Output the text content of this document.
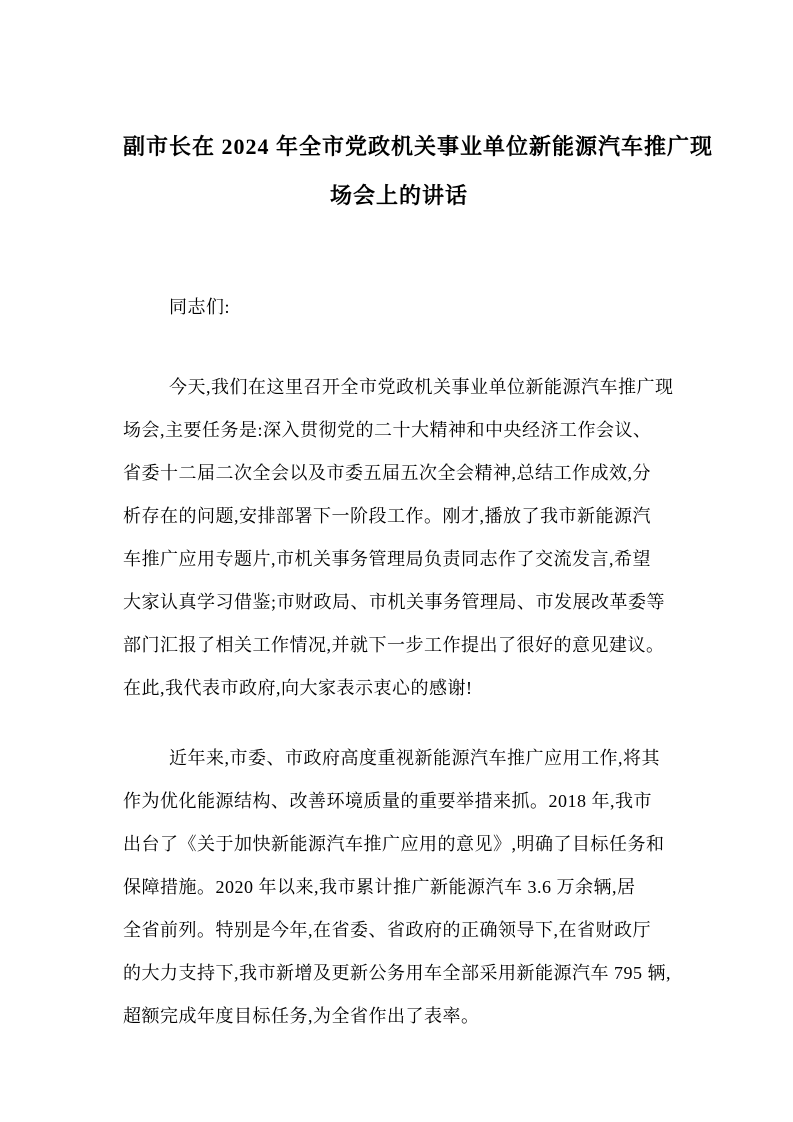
副市长在 2024 年全市党政机关事业单位新能源汽车推广现
场会上的讲话
同志们:
今天,我们在这里召开全市党政机关事业单位新能源汽车推广现
场会,主要任务是:深入贯彻党的二十大精神和中央经济工作会议、
省委十二届二次全会以及市委五届五次全会精神,总结工作成效,分
析存在的问题,安排部署下一阶段工作。刚才,播放了我市新能源汽
车推广应用专题片,市机关事务管理局负责同志作了交流发言,希望
大家认真学习借鉴;市财政局、市机关事务管理局、市发展改革委等
部门汇报了相关工作情况,并就下一步工作提出了很好的意见建议。
在此,我代表市政府,向大家表示衷心的感谢!
近年来,市委、市政府高度重视新能源汽车推广应用工作,将其
作为优化能源结构、改善环境质量的重要举措来抓。2018 年,我市
出台了《关于加快新能源汽车推广应用的意见》,明确了目标任务和
保障措施。2020 年以来,我市累计推广新能源汽车 3.6 万余辆,居
全省前列。特别是今年,在省委、省政府的正确领导下,在省财政厅
的大力支持下,我市新增及更新公务用车全部采用新能源汽车 795 辆,
超额完成年度目标任务,为全省作出了表率。
